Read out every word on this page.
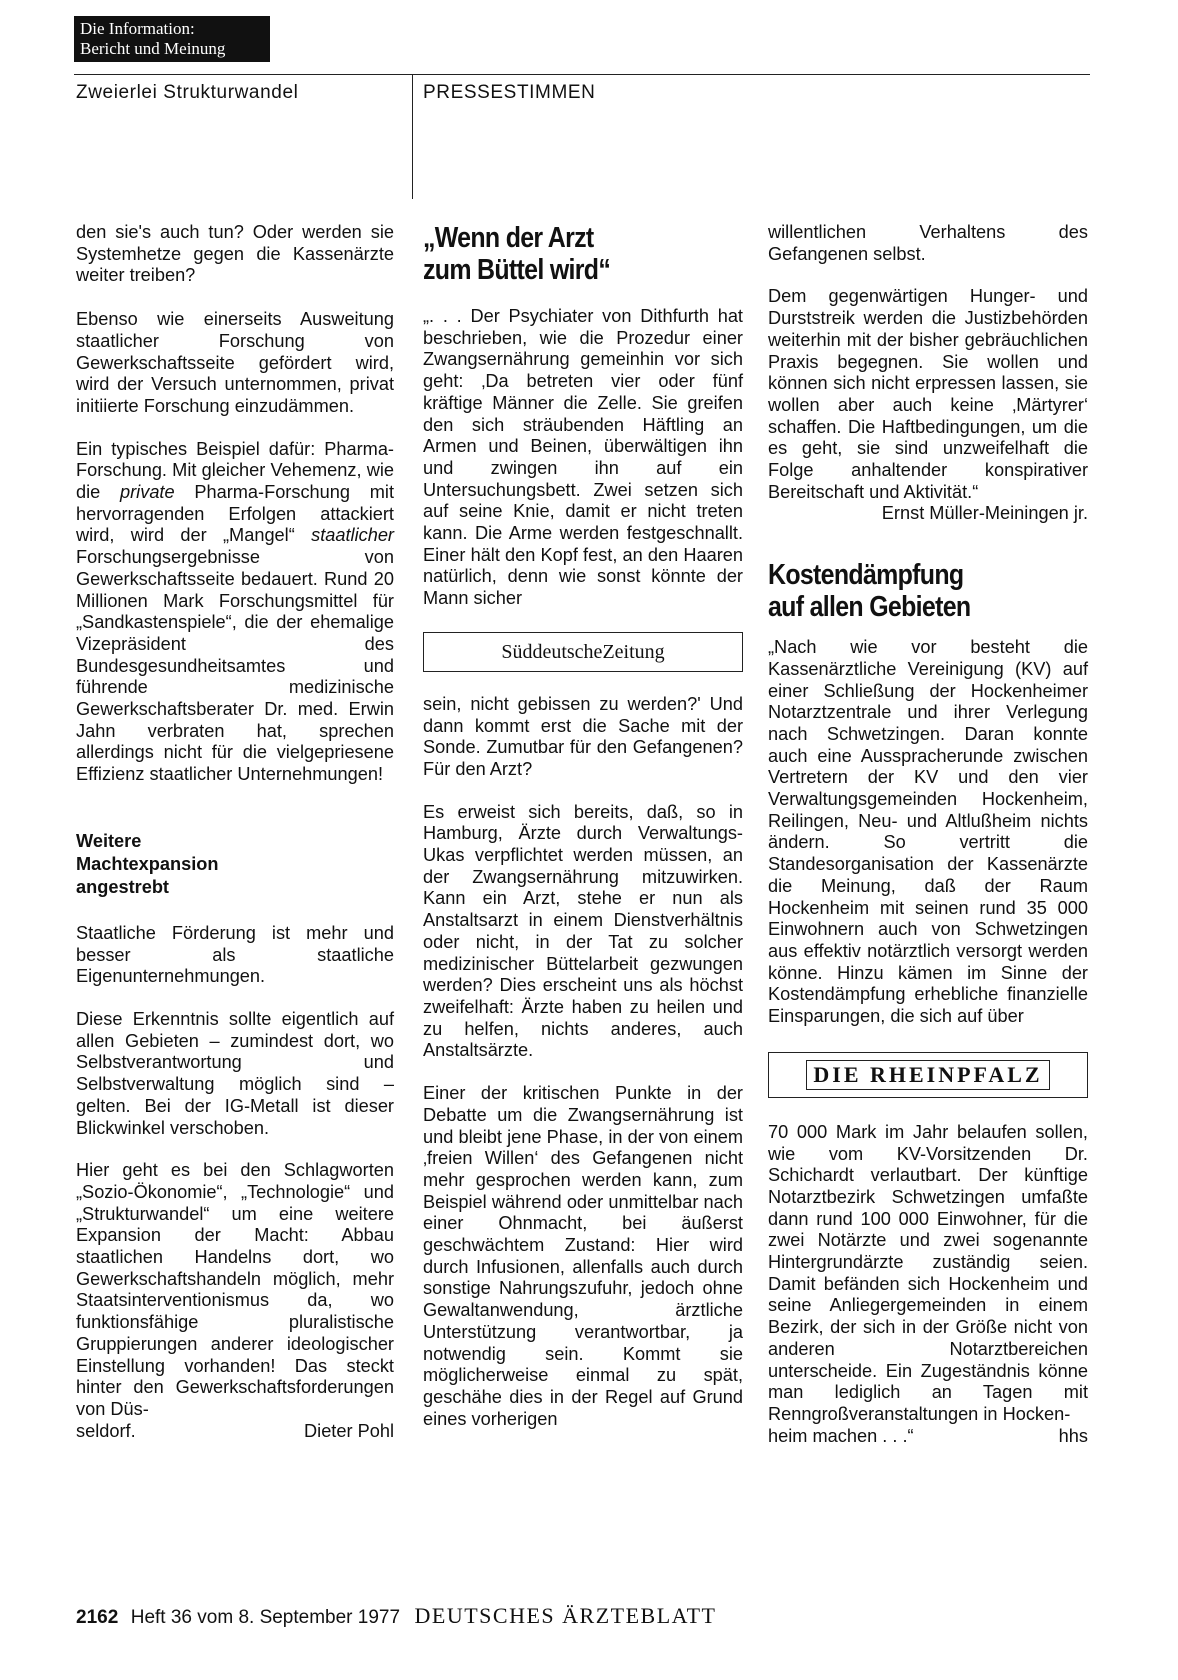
Die Information:
Bericht und Meinung
Zweierlei Strukturwandel	PRESSESTIMMEN

den sie's auch tun? Oder werden sie Systemhetze gegen die Kassenärzte weiter treiben?

Ebenso wie einerseits Ausweitung staatlicher Forschung von Gewerkschaftsseite gefördert wird, wird der Versuch unternommen, privat initiierte Forschung einzudämmen.

Ein typisches Beispiel dafür: Pharma-Forschung. Mit gleicher Vehemenz, wie die private Pharma-Forschung mit hervorragenden Erfolgen attackiert wird, wird der „Mangel“ staatlicher Forschungsergebnisse von Gewerkschaftsseite bedauert. Rund 20 Millionen Mark Forschungsmittel für „Sandkastenspiele“, die der ehemalige Vizepräsident des Bundesgesundheitsamtes und führende medizinische Gewerkschaftsberater Dr. med. Erwin Jahn verbraten hat, sprechen allerdings nicht für die vielgepriesene Effizienz staatlicher Unternehmungen!

Weitere
Machtexpansion
angestrebt

Staatliche Förderung ist mehr und besser als staatliche Eigenunternehmungen.

Diese Erkenntnis sollte eigentlich auf allen Gebieten – zumindest dort, wo Selbstverantwortung und Selbstverwaltung möglich sind – gelten. Bei der IG-Metall ist dieser Blickwinkel verschoben.

Hier geht es bei den Schlagworten „Sozio-Ökonomie“, „Technologie“ und „Strukturwandel“ um eine weitere Expansion der Macht: Abbau staatlichen Handelns dort, wo Gewerkschaftshandeln möglich, mehr Staatsinterventionismus da, wo funktionsfähige pluralistische Gruppierungen anderer ideologischer Einstellung vorhanden! Das steckt hinter den Gewerkschaftsforderungen von Düs-

seldorf.	Dieter Pohl
„Wenn der Arzt
zum Büttel wird“

„. . . Der Psychiater von Dithfurth hat beschrieben, wie die Prozedur einer Zwangsernährung gemeinhin vor sich geht: ‚Da betreten vier oder fünf kräftige Männer die Zelle. Sie greifen den sich sträubenden Häftling an Armen und Beinen, überwältigen ihn und zwingen ihn auf ein Untersuchungsbett. Zwei setzen sich auf seine Knie, damit er nicht treten kann. Die Arme werden festgeschnallt. Einer hält den Kopf fest, an den Haaren natürlich, denn wie sonst könnte der Mann sicher

SüddeutscheZeitung

sein, nicht gebissen zu werden?' Und dann kommt erst die Sache mit der Sonde. Zumutbar für den Gefangenen? Für den Arzt?

Es erweist sich bereits, daß, so in Hamburg, Ärzte durch Verwaltungs-Ukas verpflichtet werden müssen, an der Zwangsernährung mitzuwirken. Kann ein Arzt, stehe er nun als Anstaltsarzt in einem Dienstverhältnis oder nicht, in der Tat zu solcher medizinischer Büttelarbeit gezwungen werden? Dies erscheint uns als höchst zweifelhaft: Ärzte haben zu heilen und zu helfen, nichts anderes, auch Anstaltsärzte.

Einer der kritischen Punkte in der Debatte um die Zwangsernährung ist und bleibt jene Phase, in der von einem ‚freien Willen‘ des Gefangenen nicht mehr gesprochen werden kann, zum Beispiel während oder unmittelbar nach einer Ohnmacht, bei äußerst geschwächtem Zustand: Hier wird durch Infusionen, allenfalls auch durch sonstige Nahrungszufuhr, jedoch ohne Gewaltanwendung, ärztliche Unterstützung verantwortbar, ja notwendig sein. Kommt sie möglicherweise einmal zu spät, geschähe dies in der Regel auf Grund eines vorherigen

willentlichen Verhaltens des Gefangenen selbst.

Dem gegenwärtigen Hunger- und Durststreik werden die Justizbehörden weiterhin mit der bisher gebräuchlichen Praxis begegnen. Sie wollen und können sich nicht erpressen lassen, sie wollen aber auch keine ‚Märtyrer‘ schaffen. Die Haftbedingungen, um die es geht, sie sind unzweifelhaft die Folge anhaltender konspirativer Bereitschaft und Aktivität.“

Ernst Müller-Meiningen jr.
Kostendämpfung
auf allen Gebieten

„Nach wie vor besteht die Kassenärztliche Vereinigung (KV) auf einer Schließung der Hockenheimer Notarztzentrale und ihrer Verlegung nach Schwetzingen. Daran konnte auch eine Ausspracherunde zwischen Vertretern der KV und den vier Verwaltungsgemeinden Hockenheim, Reilingen, Neu- und Altlußheim nichts ändern. So vertritt die Standesorganisation der Kassenärzte die Meinung, daß der Raum Hockenheim mit seinen rund 35 000 Einwohnern auch von Schwetzingen aus effektiv notärztlich versorgt werden könne. Hinzu kämen im Sinne der Kostendämpfung erhebliche finanzielle Einsparungen, die sich auf über

DIE RHEINPFALZ

70 000 Mark im Jahr belaufen sollen, wie vom KV-Vorsitzenden Dr. Schichardt verlautbart. Der künftige Notarztbezirk Schwetzingen umfaßte dann rund 100 000 Einwohner, für die zwei Notärzte und zwei sogenannte Hintergrundärzte zuständig seien. Damit befänden sich Hockenheim und seine Anliegergemeinden in einem Bezirk, der sich in der Größe nicht von anderen Notarztbereichen unterscheide. Ein Zugeständnis könne man lediglich an Tagen mit Renngroßveranstaltungen in Hocken-

heim machen . . .“	hhs
2162 Heft 36 vom 8. September 1977 DEUTSCHES ÄRZTEBLATT
